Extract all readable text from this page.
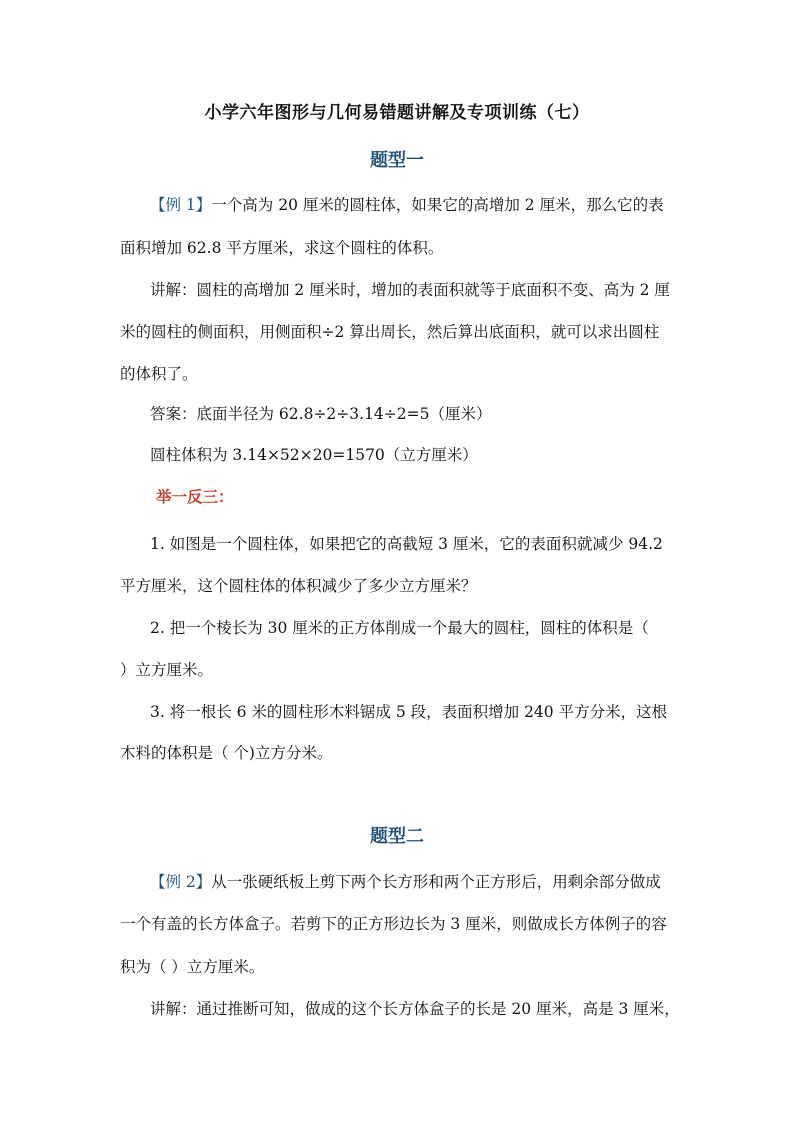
小学六年图形与几何易错题讲解及专项训练（七）
题型一
【例 1】一个高为 20 厘米的圆柱体，如果它的高增加 2 厘米，那么它的表
面积增加 62.8 平方厘米，求这个圆柱的体积。
讲解：圆柱的高增加 2 厘米时，增加的表面积就等于底面积不变、高为 2 厘
米的圆柱的侧面积，用侧面积÷2 算出周长，然后算出底面积，就可以求出圆柱
的体积了。
答案：底面半径为 62.8÷2÷3.14÷2=5（厘米）
圆柱体积为 3.14×52×20=1570（立方厘米）
举一反三：
1. 如图是一个圆柱体，如果把它的高截短 3 厘米，它的表面积就减少 94.2
平方厘米，这个圆柱体的体积减少了多少立方厘米？
2. 把一个棱长为 30 厘米的正方体削成一个最大的圆柱，圆柱的体积是（
）立方厘米。
3. 将一根长 6 米的圆柱形木料锯成 5 段，表面积增加 240 平方分米，这根
木料的体积是（ 个)立方分米。
题型二
【例 2】从一张硬纸板上剪下两个长方形和两个正方形后，用剩余部分做成
一个有盖的长方体盒子。若剪下的正方形边长为 3 厘米，则做成长方体例子的容
积为（ ）立方厘米。
讲解：通过推断可知，做成的这个长方体盒子的长是 20 厘米，高是 3 厘米，
